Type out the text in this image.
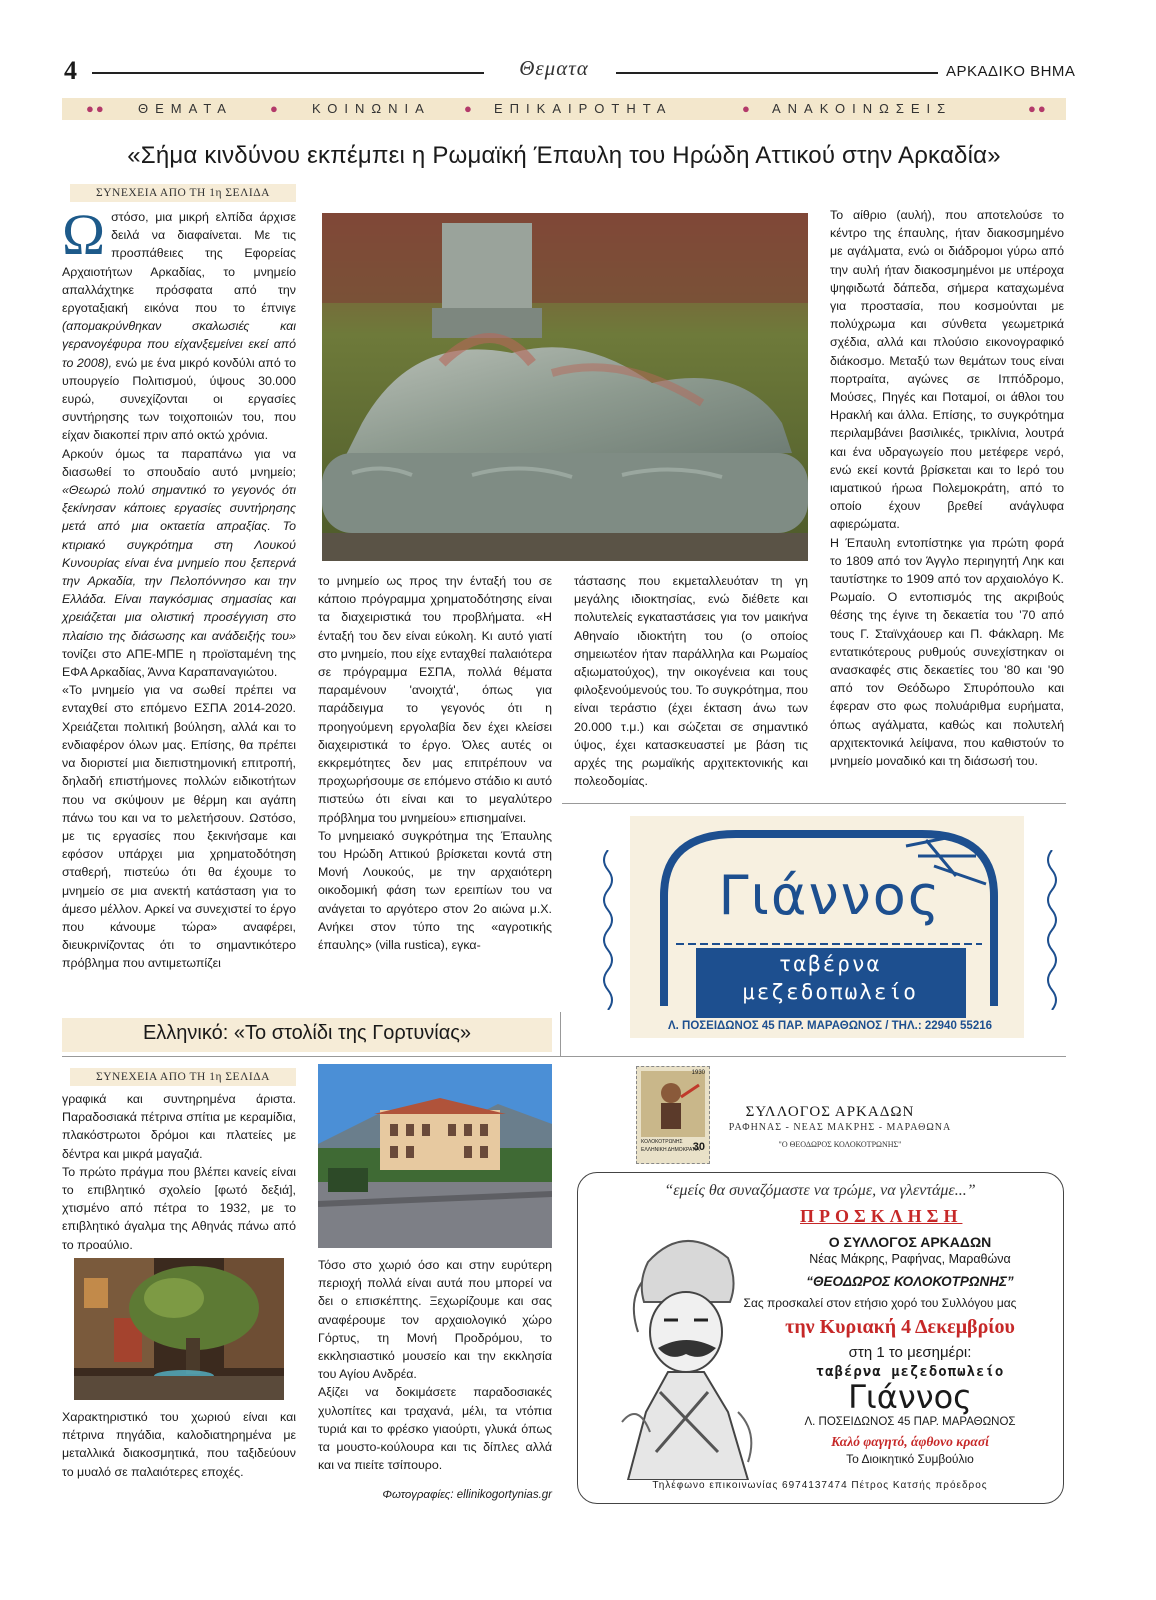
4	Θεματα	ΑΡΚΑΔΙΚΟ ΒΗΜΑ
●● ΘΕΜΑΤΑ	● ΚΟΙΝΩΝΙΑ	● ΕΠΙΚΑΙΡΟΤΗΤΑ	● ΑΝΑΚΟΙΝΩΣΕΙΣ	●●
«Σήμα κινδύνου εκπέμπει η Ρωμαϊκή Έπαυλη του Ηρώδη Αττικού στην Αρκαδία»
ΣΥΝΕΧΕΙΑ ΑΠΟ ΤΗ 1η ΣΕΛΙΔΑ
Ω στόσο, μια μικρή ελπίδα άρχισε δειλά να διαφαίνεται. Με τις προσπάθειες της Εφορείας Αρχαιοτήτων Αρκαδίας, το μνημείο απαλλάχτηκε πρόσφατα από την εργοταξιακή εικόνα που το έπνιγε (απομακρύνθηκαν σκαλωσιές και γερανογέφυρα που είχανξεμείνει εκεί από το 2008), ενώ με ένα μικρό κονδύλι από το υπουργείο Πολιτισμού, ύψους 30.000 ευρώ, συνεχίζονται οι εργασίες συντήρησης των τοιχοποιιών του, που είχαν διακοπεί πριν από οκτώ χρόνια.

Αρκούν όμως τα παραπάνω για να διασωθεί το σπουδαίο αυτό μνημείο; «Θεωρώ πολύ σημαντικό το γεγονός ότι ξεκίνησαν κάποιες εργασίες συντήρησης μετά από μια οκταετία απραξίας. Το κτιριακό συγκρότημα στη Λουκού Κυνουρίας είναι ένα μνημείο που ξεπερνά την Αρκαδία, την Πελοπόννησο και την Ελλάδα. Είναι παγκόσμιας σημασίας και χρειάζεται μια ολιστική προσέγγιση στο πλαίσιο της διάσωσης και ανάδειξής του» τονίζει στο ΑΠΕ-ΜΠΕ η προϊσταμένη της ΕΦΑ Αρκαδίας, Άννα Καραπαναγιώτου.

«Το μνημείο για να σωθεί πρέπει να ενταχθεί στο επόμενο ΕΣΠΑ 2014-2020. Χρειάζεται πολιτική βούληση, αλλά και το ενδιαφέρον όλων μας. Επίσης, θα πρέπει να διοριστεί μια διεπιστημονική επιτροπή, δηλαδή επιστήμονες πολλών ειδικοτήτων που να σκύψουν με θέρμη και αγάπη πάνω του και να το μελετήσουν. Ωστόσο, με τις εργασίες που ξεκινήσαμε και εφόσον υπάρχει μια χρηματοδότηση σταθερή, πιστεύω ότι θα έχουμε το μνημείο σε μια ανεκτή κατάσταση για το άμεσο μέλλον. Αρκεί να συνεχιστεί το έργο που κάνουμε τώρα» αναφέρει, διευκρινίζοντας ότι το σημαντικότερο πρόβλημα που αντιμετωπίζει

το μνημείο ως προς την ένταξή του σε κάποιο πρόγραμμα χρηματοδότησης είναι τα διαχειριστικά του προβλήματα. «Η ένταξή του δεν είναι εύκολη. Κι αυτό γιατί στο μνημείο, που είχε ενταχθεί παλαιότερα σε πρόγραμμα ΕΣΠΑ, πολλά θέματα παραμένουν 'ανοιχτά', όπως για παράδειγμα το γεγονός ότι η προηγούμενη εργολαβία δεν έχει κλείσει διαχειριστικά το έργο. Όλες αυτές οι εκκρεμότητες δεν μας επιτρέπουν να προχωρήσουμε σε επόμενο στάδιο κι αυτό πιστεύω ότι είναι και το μεγαλύτερο πρόβλημα του μνημείου» επισημαίνει.

Το μνημειακό συγκρότημα της Έπαυλης του Ηρώδη Αττικού βρίσκεται κοντά στη Μονή Λουκούς, με την αρχαιότερη οικοδομική φάση των ερειπίων του να ανάγεται το αργότερο στον 2ο αιώνα μ.Χ. Ανήκει στον τύπο της «αγροτικής έπαυλης» (villa rustica), εγκα-

τάστασης που εκμεταλλευόταν τη γη μεγάλης ιδιοκτησίας, ενώ διέθετε και πολυτελείς εγκαταστάσεις για τον μαικήνα Αθηναίο ιδιοκτήτη του (ο οποίος σημειωτέον ήταν παράλληλα και Ρωμαίος αξιωματούχος), την οικογένεια και τους φιλοξενούμενούς του. Το συγκρότημα, που είναι τεράστιο (έχει έκταση άνω των 20.000 τ.μ.) και σώζεται σε σημαντικό ύψος, έχει κατασκευαστεί με βάση τις αρχές της ρωμαϊκής αρχιτεκτονικής και πολεοδομίας.

Το αίθριο (αυλή), που αποτελούσε το κέντρο της έπαυλης, ήταν διακοσμημένο με αγάλματα, ενώ οι διάδρομοι γύρω από την αυλή ήταν διακοσμημένοι με υπέροχα ψηφιδωτά δάπεδα, σήμερα καταχωμένα για προστασία, που κοσμούνται με πολύχρωμα και σύνθετα γεωμετρικά σχέδια, αλλά και πλούσιο εικονογραφικό διάκοσμο. Μεταξύ των θεμάτων τους είναι πορτραίτα, αγώνες σε Ιππόδρομο, Μούσες, Πηγές και Ποταμοί, οι άθλοι του Ηρακλή και άλλα. Επίσης, το συγκρότημα περιλαμβάνει βασιλικές, τρικλίνια, λουτρά και ένα υδραγωγείο που μετέφερε νερό, ενώ εκεί κοντά βρίσκεται και το Ιερό του ιαματικού ήρωα Πολεμοκράτη, από το οποίο έχουν βρεθεί ανάγλυφα αφιερώματα.

Η Έπαυλη εντοπίστηκε για πρώτη φορά το 1809 από τον Άγγλο περιηγητή Ληκ και ταυτίστηκε το 1909 από τον αρχαιολόγο Κ. Ρωμαίο. Ο εντοπισμός της ακριβούς θέσης της έγινε τη δεκαετία του '70 από τους Γ. Σταϊνχάουερ και Π. Φάκλαρη. Με εντατικότερους ρυθμούς συνεχίστηκαν οι ανασκαφές στις δεκαετίες του '80 και '90 από τον Θεόδωρο Σπυρόπουλο και έφεραν στο φως πολυάριθμα ευρήματα, όπως αγάλματα, καθώς και πολυτελή αρχιτεκτονικά λείψανα, που καθιστούν το μνημείο μοναδικό και τη διάσωσή του.

Γιάννος
ταβέρνα
μεζεδοπωλείο
Λ. ΠΟΣΕΙΔΩΝΟΣ 45 ΠΑΡ. ΜΑΡΑΘΩΝΟΣ / ΤΗΛ.: 22940 55216
Ελληνικό: «Το στολίδι της Γορτυνίας»
ΣΥΝΕΧΕΙΑ ΑΠΟ ΤΗ 1η ΣΕΛΙΔΑ

γραφικά και συντηρημένα άριστα. Παραδοσιακά πέτρινα σπίτια με κεραμίδια, πλακόστρωτοι δρόμοι και πλατείες με δέντρα και μικρά μαγαζιά.

Το πρώτο πράγμα που βλέπει κανείς είναι το επιβλητικό σχολείο [φωτό δεξιά], χτισμένο από πέτρα το 1932, με το επιβλητικό άγαλμα της Αθηνάς πάνω από το προαύλιο.

Χαρακτηριστικό του χωριού είναι και πέτρινα πηγάδια, καλοδιατηρημένα με μεταλλικά διακοσμητικά, που ταξιδεύουν το μυαλό σε παλαιότερες εποχές.

Τόσο στο χωριό όσο και στην ευρύτερη περιοχή πολλά είναι αυτά που μπορεί να δει ο επισκέπτης. Ξεχωρίζουμε και σας αναφέρουμε τον αρχαιολογικό χώρο Γόρτυς, τη Μονή Προδρόμου, το εκκλησιαστικό μουσείο και την εκκλησία του Αγίου Ανδρέα.

Αξίζει να δοκιμάσετε παραδοσιακές χυλοπίτες και τραχανά, μέλι, τα ντόπια τυριά και το φρέσκο γιαούρτι, γλυκά όπως τα μουστο-κούλουρα και τις δίπλες αλλά και να πιείτε τσίπουρο.

Φωτογραφίες: ellinikogortynias.gr
1930
ΚΟΛΟΚΟΤΡΩΝΗΣ
ΕΛΛΗΝΙΚΗ ΔΗΜΟΚΡΑΤΙΑ
30
ΣΥΛΛΟΓΟΣ ΑΡΚΑΔΩΝ
ΡΑΦΗΝΑΣ - ΝΕΑΣ ΜΑΚΡΗΣ - ΜΑΡΑΘΩΝΑ
"Ο ΘΕΟΔΩΡΟΣ ΚΟΛΟΚΟΤΡΩΝΗΣ"
“εμείς θα συναζόμαστε να τρώμε, να γλεντάμε...”
ΠΡΟΣΚΛΗΣΗ
Ο ΣΥΛΛΟΓΟΣ ΑΡΚΑΔΩΝ
Νέας Μάκρης, Ραφήνας, Μαραθώνα
“ΘΕΟΔΩΡΟΣ ΚΟΛΟΚΟΤΡΩΝΗΣ”
Σας προσκαλεί στον ετήσιο χορό του Συλλόγου μας
την Κυριακή 4 Δεκεμβρίου
στη 1 το μεσημέρι:
ταβέρνα μεζεδοπωλείο
Γιάννος
Λ. ΠΟΣΕΙΔΩΝΟΣ 45 ΠΑΡ. ΜΑΡΑΘΩΝΟΣ
Καλό φαγητό, άφθονο κρασί
Το Διοικητικό Συμβούλιο
Τηλέφωνο επικοινωνίας 6974137474 Πέτρος Κατσής πρόεδρος
